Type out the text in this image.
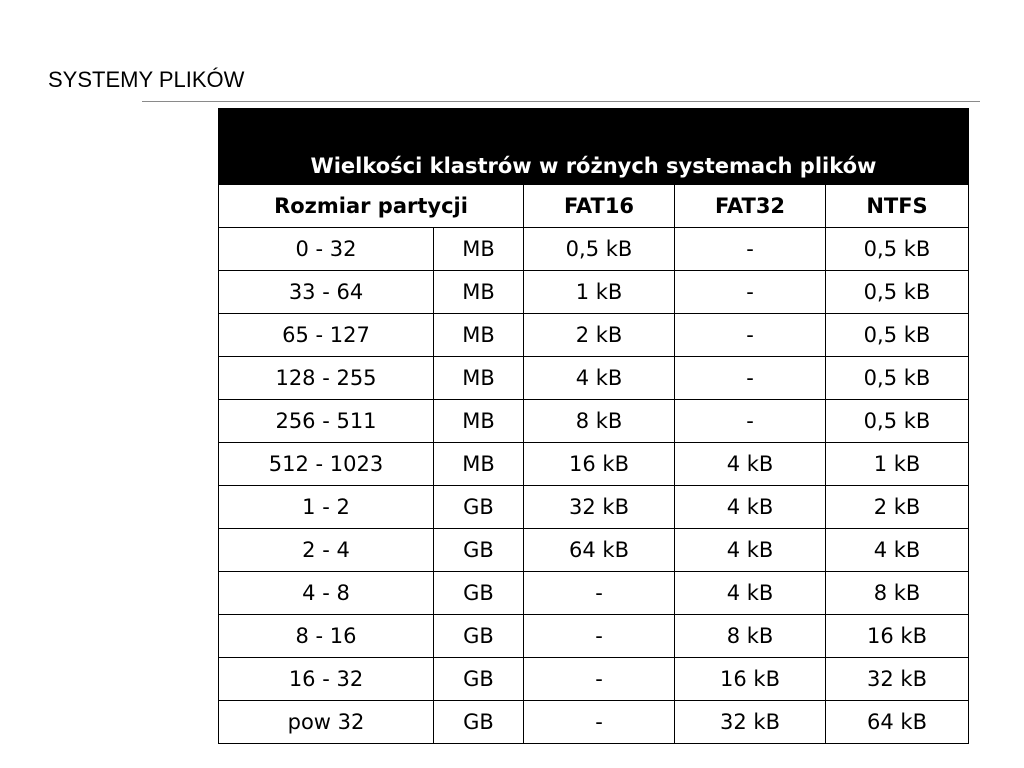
SYSTEMY PLIKÓW
Wielkości klastrów w różnych systemach plików				
Rozmiar partycji		FAT16	FAT32	NTFS
0 - 32	MB	0,5 kB	-	0,5 kB
33 - 64	MB	1 kB	-	0,5 kB
65 - 127	MB	2 kB	-	0,5 kB
128 - 255	MB	4 kB	-	0,5 kB
256 - 511	MB	8 kB	-	0,5 kB
512 - 1023	MB	16 kB	4 kB	1 kB
1 - 2	GB	32 kB	4 kB	2 kB
2 - 4	GB	64 kB	4 kB	4 kB
4 - 8	GB	-	4 kB	8 kB
8 - 16	GB	-	8 kB	16 kB
16 - 32	GB	-	16 kB	32 kB
pow 32	GB	-	32 kB	64 kB
